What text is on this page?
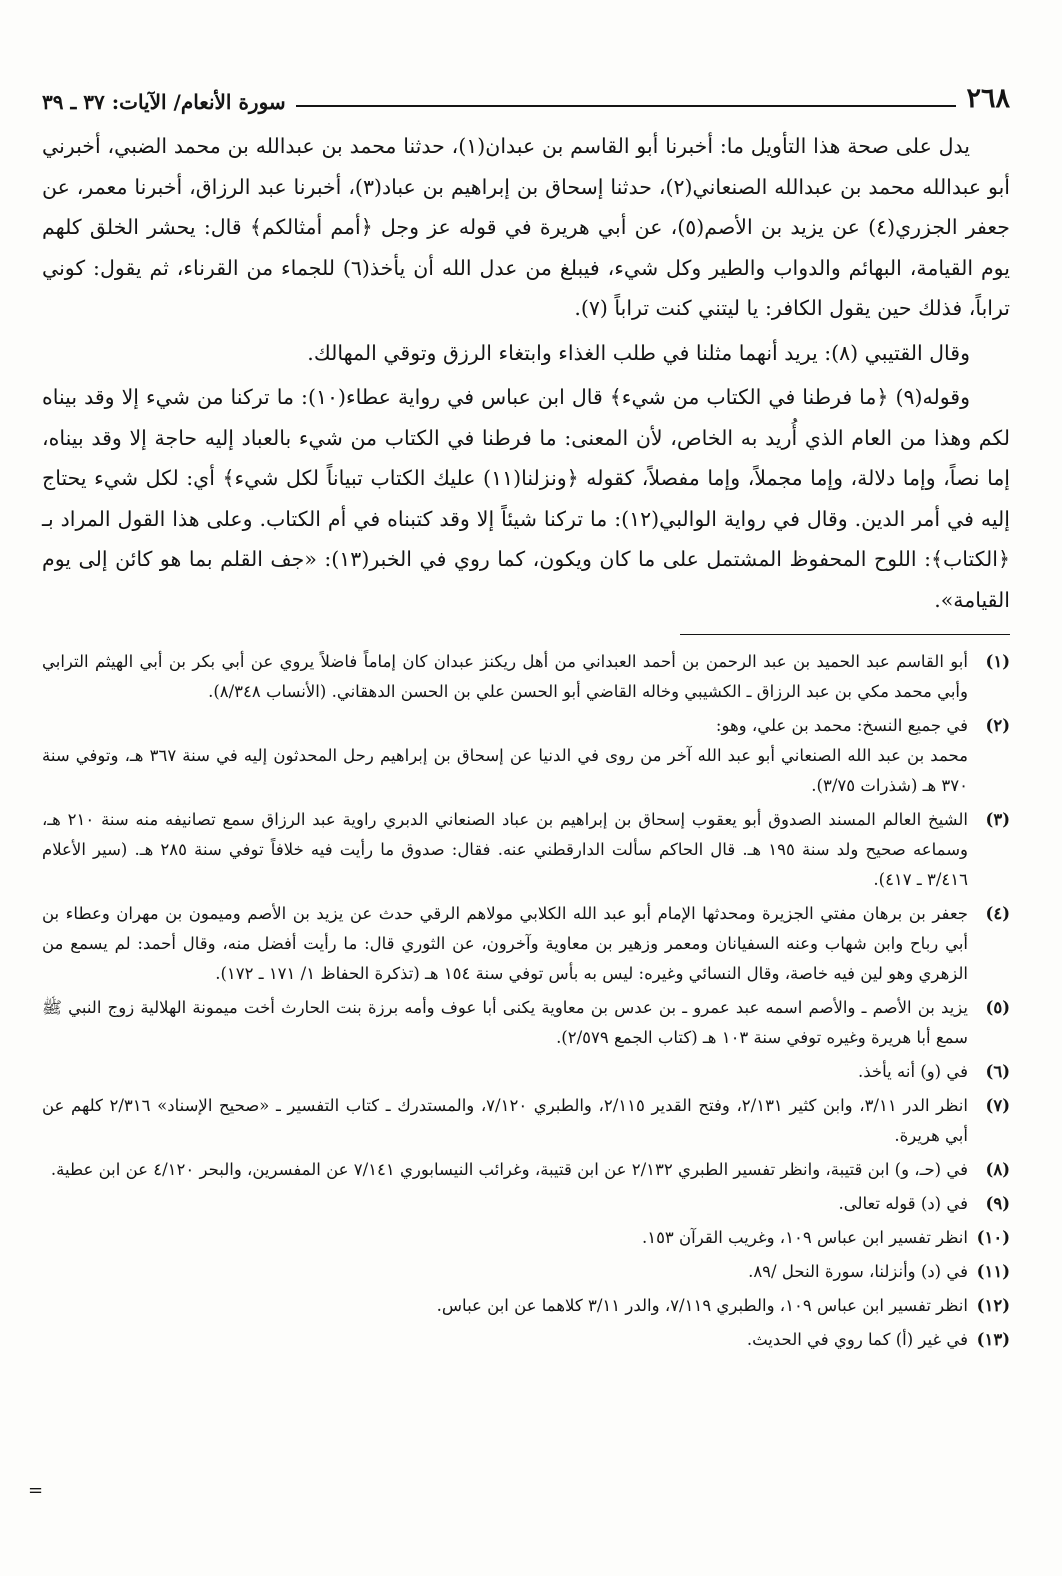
٢٦٨
سورة الأنعام/ الآيات: ٣٧ ـ ٣٩

يدل على صحة هذا التأويل ما: أخبرنا أبو القاسم بن عبدان(١)، حدثنا محمد بن عبدالله بن محمد الضبي، أخبرني أبو عبدالله محمد بن عبدالله الصنعاني(٢)، حدثنا إسحاق بن إبراهيم بن عباد(٣)، أخبرنا عبد الرزاق، أخبرنا معمر، عن جعفر الجزري(٤) عن يزيد بن الأصم(٥)، عن أبي هريرة في قوله عز وجل ﴿أمم أمثالكم﴾ قال: يحشر الخلق كلهم يوم القيامة، البهائم والدواب والطير وكل شيء، فيبلغ من عدل الله أن يأخذ(٦) للجماء من القرناء، ثم يقول: كوني تراباً، فذلك حين يقول الكافر: يا ليتني كنت تراباً (٧).

وقال القتيبي (٨): يريد أنهما مثلنا في طلب الغذاء وابتغاء الرزق وتوقي المهالك.

وقوله(٩) ﴿ما فرطنا في الكتاب من شيء﴾ قال ابن عباس في رواية عطاء(١٠): ما تركنا من شيء إلا وقد بيناه لكم وهذا من العام الذي أُريد به الخاص، لأن المعنى: ما فرطنا في الكتاب من شيء بالعباد إليه حاجة إلا وقد بيناه، إما نصاً، وإما دلالة، وإما مجملاً، وإما مفصلاً، كقوله ﴿ونزلنا(١١) عليك الكتاب تبياناً لكل شيء﴾ أي: لكل شيء يحتاج إليه في أمر الدين. وقال في رواية الوالبي(١٢): ما تركنا شيئاً إلا وقد كتبناه في أم الكتاب. وعلى هذا القول المراد بـ ﴿الكتاب﴾: اللوح المحفوظ المشتمل على ما كان ويكون، كما روي في الخبر(١٣): «جف القلم بما هو كائن إلى يوم القيامة».

(١)
أبو القاسم عبد الحميد بن عبد الرحمن بن أحمد العبداني من أهل ريكنز عبدان كان إماماً فاضلاً يروي عن أبي بكر بن أبي الهيثم الترابي وأبي محمد مكي بن عبد الرزاق ـ الكشيبي وخاله القاضي أبو الحسن علي بن الحسن الدهقاني. (الأنساب ٨/٣٤٨).
(٢)
في جميع النسخ: محمد بن علي، وهو:
محمد بن عبد الله الصنعاني أبو عبد الله آخر من روى في الدنيا عن إسحاق بن إبراهيم رحل المحدثون إليه في سنة ٣٦٧ هـ، وتوفي سنة ٣٧٠ هـ (شذرات ٣/٧٥).
(٣)
الشيخ العالم المسند الصدوق أبو يعقوب إسحاق بن إبراهيم بن عباد الصنعاني الدبري راوية عبد الرزاق سمع تصانيفه منه سنة ٢١٠ هـ، وسماعه صحيح ولد سنة ١٩٥ هـ. قال الحاكم سألت الدارقطني عنه. فقال: صدوق ما رأيت فيه خلافاً توفي سنة ٢٨٥ هـ. (سير الأعلام ٣/٤١٦ ـ ٤١٧).
(٤)
جعفر بن برهان مفتي الجزيرة ومحدثها الإمام أبو عبد الله الكلابي مولاهم الرقي حدث عن يزيد بن الأصم وميمون بن مهران وعطاء بن أبي رباح وابن شهاب وعنه السفيانان ومعمر وزهير بن معاوية وآخرون، عن الثوري قال: ما رأيت أفضل منه، وقال أحمد: لم يسمع من الزهري وهو لين فيه خاصة، وقال النسائي وغيره: ليس به بأس توفي سنة ١٥٤ هـ (تذكرة الحفاظ ١/ ١٧١ ـ ١٧٢).
(٥)
يزيد بن الأصم ـ والأصم اسمه عبد عمرو ـ بن عدس بن معاوية يكنى أبا عوف وأمه برزة بنت الحارث أخت ميمونة الهلالية زوج النبي ﷺ سمع أبا هريرة وغيره توفي سنة ١٠٣ هـ (كتاب الجمع ٢/٥٧٩).
(٦)
في (و) أنه يأخذ.
(٧)
انظر الدر ٣/١١، وابن كثير ٢/١٣١، وفتح القدير ٢/١١٥، والطبري ٧/١٢٠، والمستدرك ـ كتاب التفسير ـ «صحيح الإسناد» ٢/٣١٦ كلهم عن أبي هريرة.
(٨)
في (حـ، و) ابن قتيبة، وانظر تفسير الطبري ٢/١٣٢ عن ابن قتيبة، وغرائب النيسابوري ٧/١٤١ عن المفسرين، والبحر ٤/١٢٠ عن ابن عطية.
(٩)
في (د) قوله تعالى.
(١٠)
انظر تفسير ابن عباس ١٠٩، وغريب القرآن ١٥٣.
(١١)
في (د) وأنزلنا، سورة النحل /٨٩.
(١٢)
انظر تفسير ابن عباس ١٠٩، والطبري ٧/١١٩، والدر ٣/١١ كلاهما عن ابن عباس.
(١٣)
في غير (أ) كما روي في الحديث.
=
